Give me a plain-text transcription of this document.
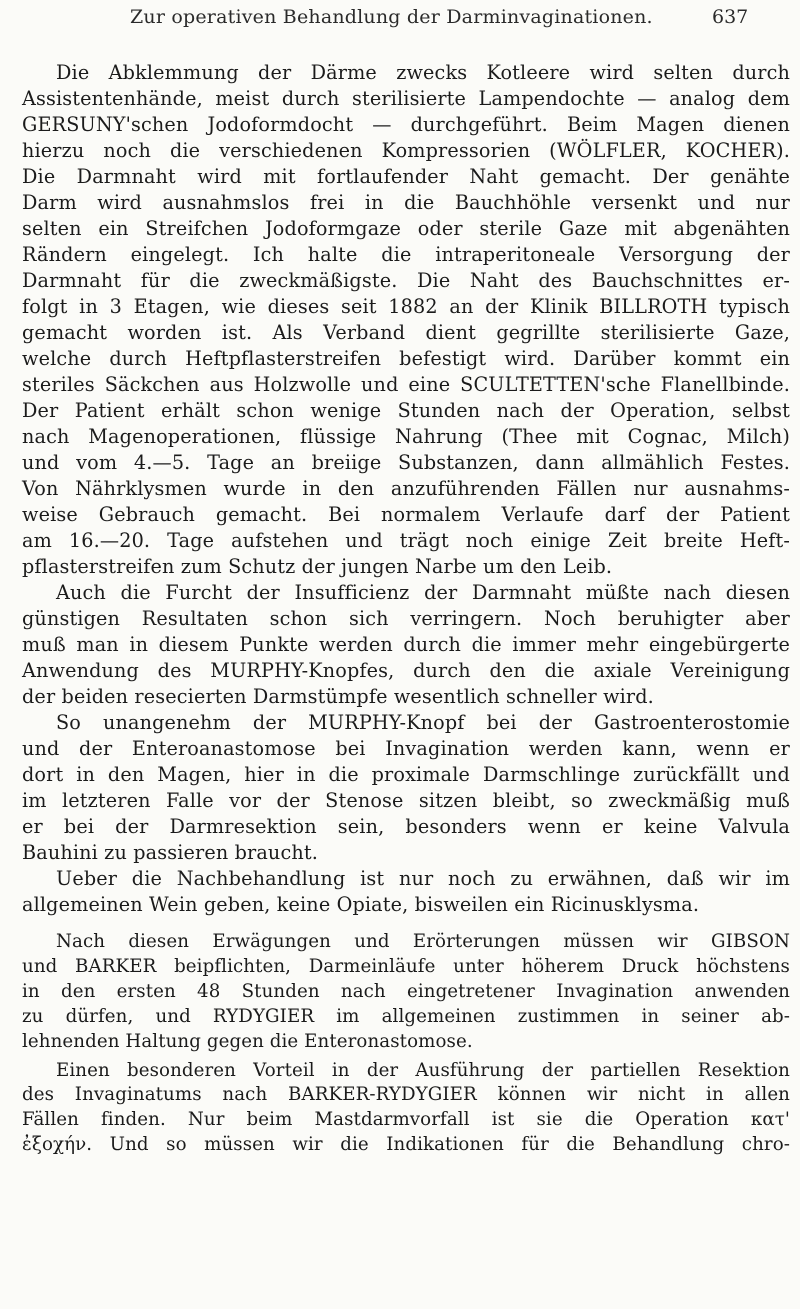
Zur operativen Behandlung der Darminvaginationen.	637

Die Abklemmung der Därme zwecks Kotleere wird selten durch
Assistentenhände, meist durch sterilisierte Lampendochte — analog dem
GERSUNY'schen Jodoformdocht — durchgeführt. Beim Magen dienen
hierzu noch die verschiedenen Kompressorien (WÖLFLER, KOCHER).
Die Darmnaht wird mit fortlaufender Naht gemacht. Der genähte
Darm wird ausnahmslos frei in die Bauchhöhle versenkt und nur
selten ein Streifchen Jodoformgaze oder sterile Gaze mit abgenähten
Rändern eingelegt. Ich halte die intraperitoneale Versorgung der
Darmnaht für die zweckmäßigste. Die Naht des Bauchschnittes er-
folgt in 3 Etagen, wie dieses seit 1882 an der Klinik BILLROTH typisch
gemacht worden ist. Als Verband dient gegrillte sterilisierte Gaze,
welche durch Heftpflasterstreifen befestigt wird. Darüber kommt ein
steriles Säckchen aus Holzwolle und eine SCULTETTEN'sche Flanellbinde.
Der Patient erhält schon wenige Stunden nach der Operation, selbst
nach Magenoperationen, flüssige Nahrung (Thee mit Cognac, Milch)
und vom 4.—5. Tage an breiige Substanzen, dann allmählich Festes.
Von Nährklysmen wurde in den anzuführenden Fällen nur ausnahms-
weise Gebrauch gemacht. Bei normalem Verlaufe darf der Patient
am 16.—20. Tage aufstehen und trägt noch einige Zeit breite Heft-
pflasterstreifen zum Schutz der jungen Narbe um den Leib.

Auch die Furcht der Insufficienz der Darmnaht müßte nach diesen
günstigen Resultaten schon sich verringern. Noch beruhigter aber
muß man in diesem Punkte werden durch die immer mehr eingebürgerte
Anwendung des MURPHY-Knopfes, durch den die axiale Vereinigung
der beiden resecierten Darmstümpfe wesentlich schneller wird.

So unangenehm der MURPHY-Knopf bei der Gastroenterostomie
und der Enteroanastomose bei Invagination werden kann, wenn er
dort in den Magen, hier in die proximale Darmschlinge zurückfällt und
im letzteren Falle vor der Stenose sitzen bleibt, so zweckmäßig muß
er bei der Darmresektion sein, besonders wenn er keine Valvula
Bauhini zu passieren braucht.

Ueber die Nachbehandlung ist nur noch zu erwähnen, daß wir im
allgemeinen Wein geben, keine Opiate, bisweilen ein Ricinusklysma.

Nach diesen Erwägungen und Erörterungen müssen wir GIBSON
und BARKER beipflichten, Darmeinläufe unter höherem Druck höchstens
in den ersten 48 Stunden nach eingetretener Invagination anwenden
zu dürfen, und RYDYGIER im allgemeinen zustimmen in seiner ab-
lehnenden Haltung gegen die Enteronastomose.

Einen besonderen Vorteil in der Ausführung der partiellen Resektion
des Invaginatums nach BARKER-RYDYGIER können wir nicht in allen
Fällen finden. Nur beim Mastdarmvorfall ist sie die Operation κατ'
ἐξοχήν. Und so müssen wir die Indikationen für die Behandlung chro-
